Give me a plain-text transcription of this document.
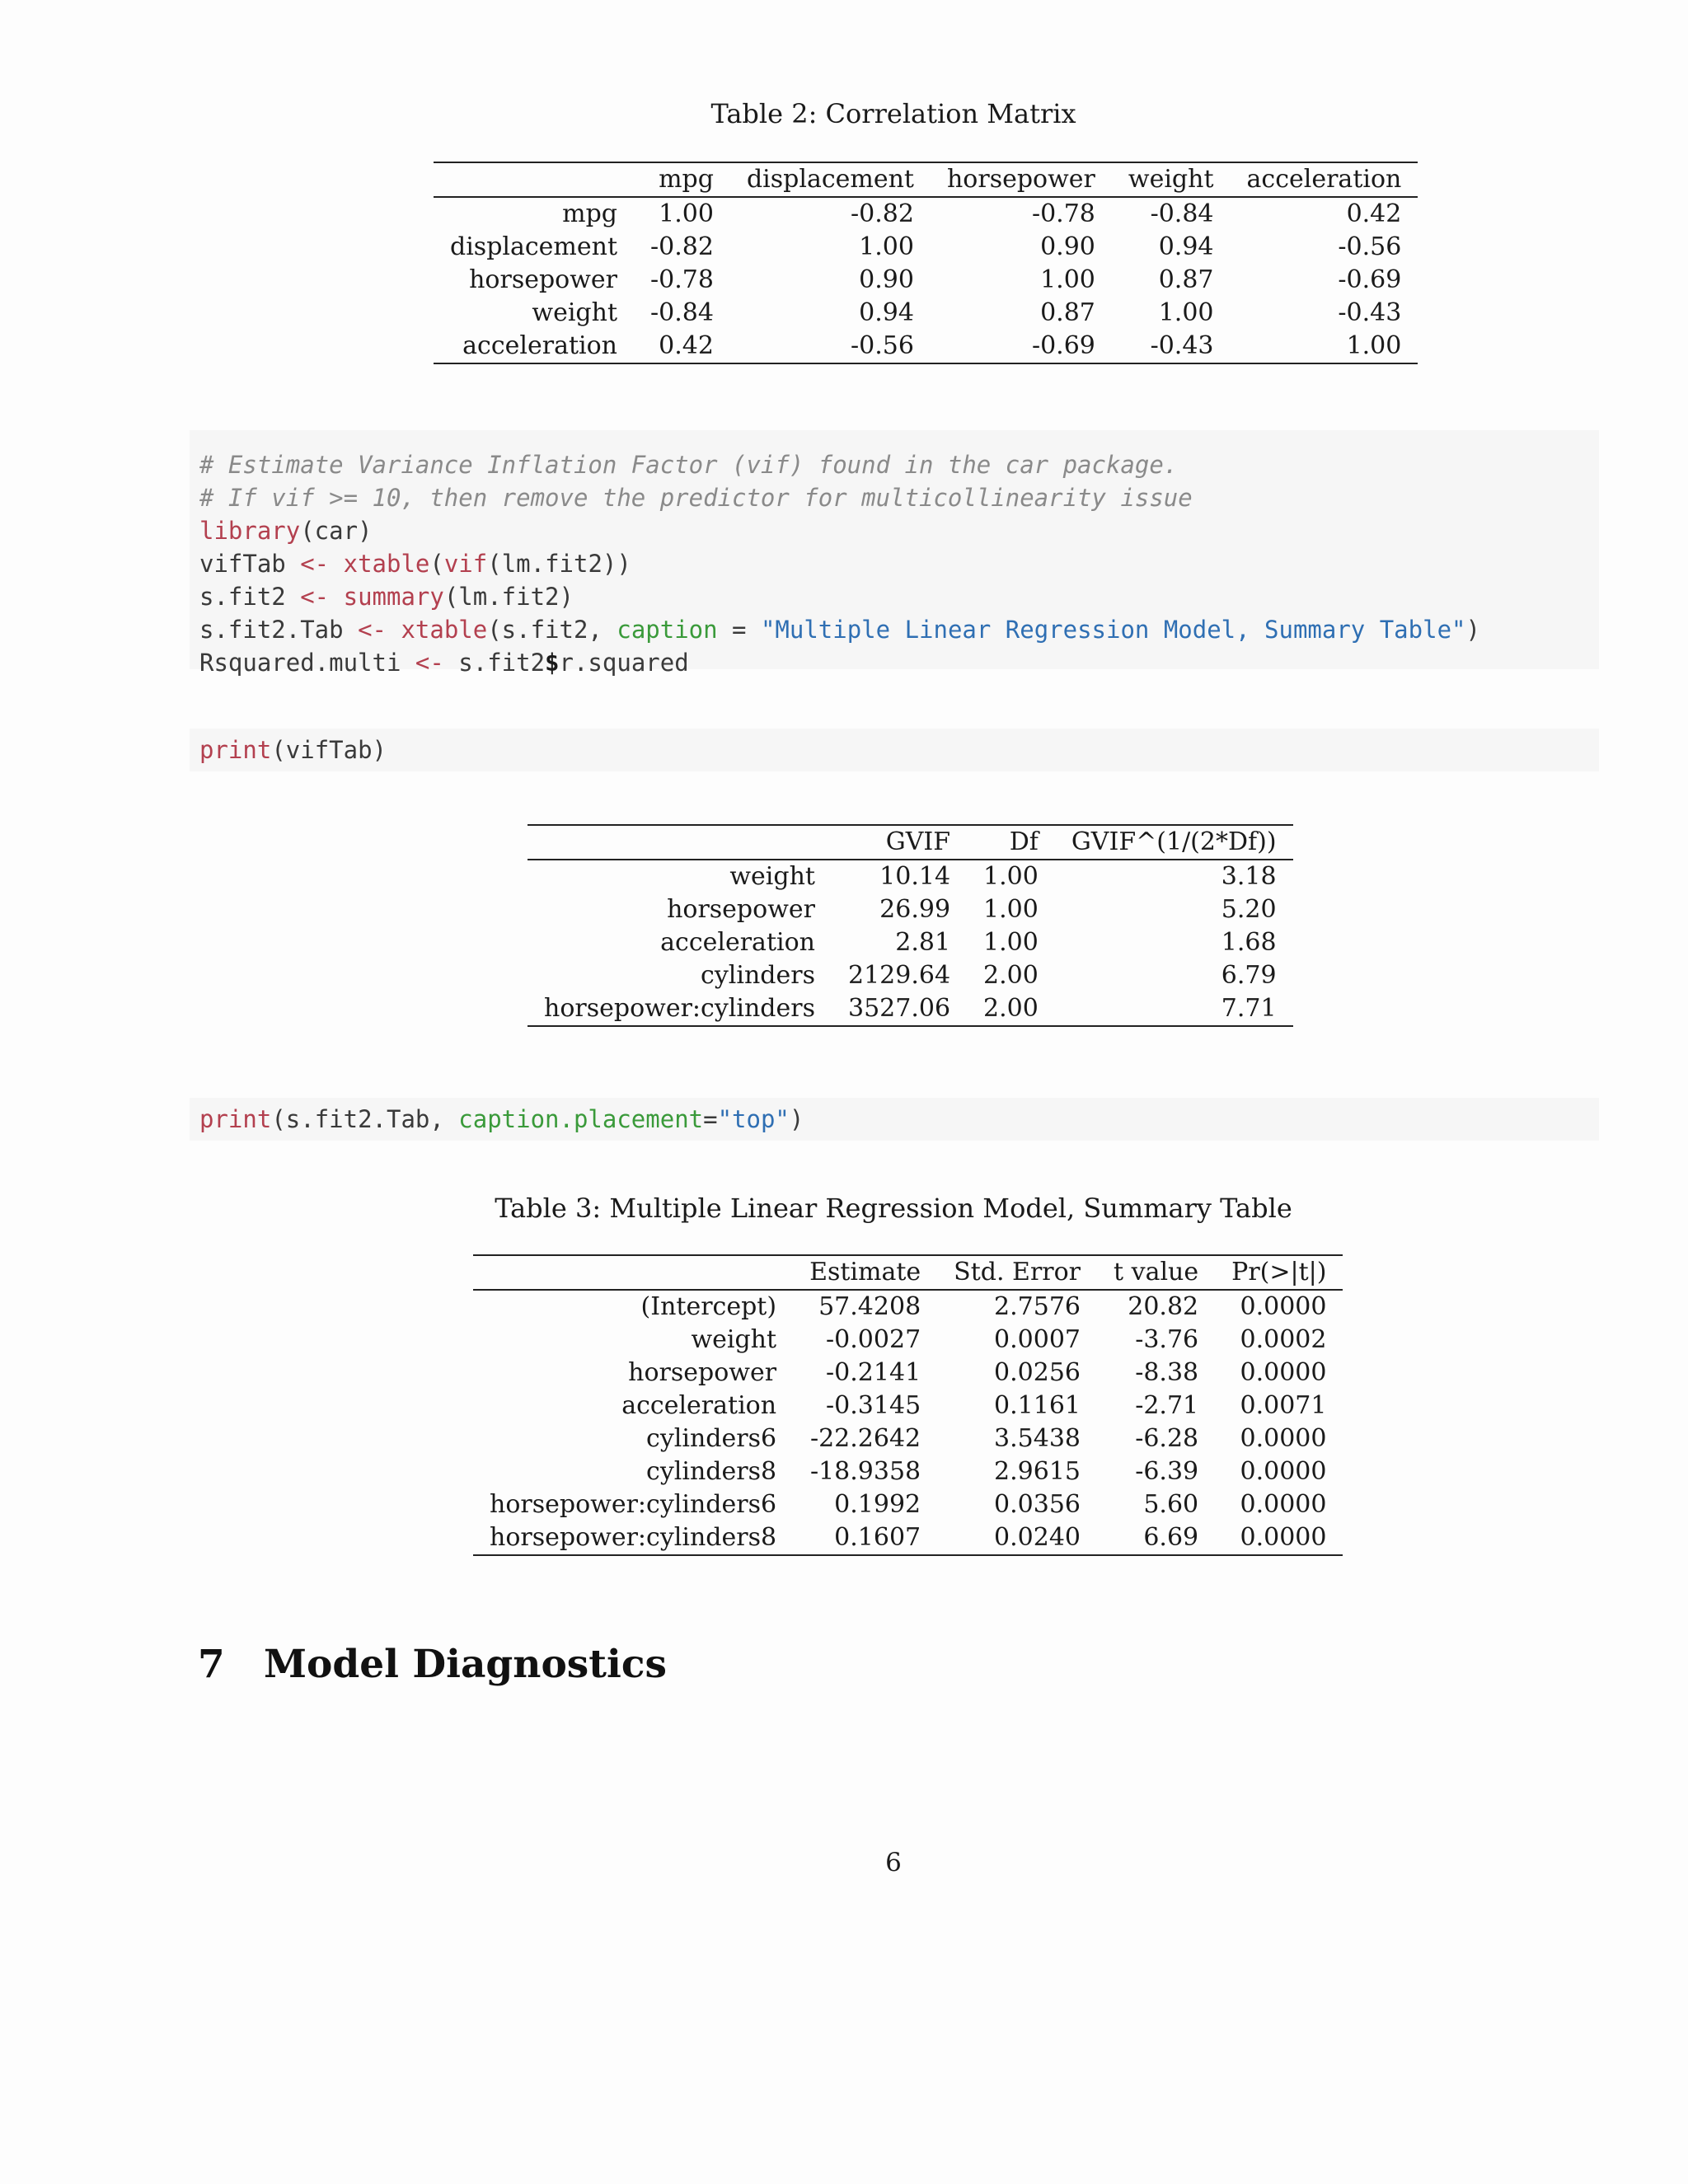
Table 2: Correlation Matrix
	mpg	displacement	horsepower	weight	acceleration
mpg	1.00	-0.82	-0.78	-0.84	0.42
displacement	-0.82	1.00	0.90	0.94	-0.56
horsepower	-0.78	0.90	1.00	0.87	-0.69
weight	-0.84	0.94	0.87	1.00	-0.43
acceleration	0.42	-0.56	-0.69	-0.43	1.00
# Estimate Variance Inflation Factor (vif) found in the car package.
# If vif >= 10, then remove the predictor for multicollinearity issue
library(car)
vifTab <- xtable(vif(lm.fit2))
s.fit2 <- summary(lm.fit2)
s.fit2.Tab <- xtable(s.fit2, caption = "Multiple Linear Regression Model, Summary Table")
Rsquared.multi <- s.fit2$r.squared
print(vifTab)
	GVIF	Df	GVIF^(1/(2*Df))
weight	10.14	1.00	3.18
horsepower	26.99	1.00	5.20
acceleration	2.81	1.00	1.68
cylinders	2129.64	2.00	6.79
horsepower:cylinders	3527.06	2.00	7.71
print(s.fit2.Tab, caption.placement="top")
Table 3: Multiple Linear Regression Model, Summary Table
	Estimate	Std. Error	t value	Pr(>|t|)
(Intercept)	57.4208	2.7576	20.82	0.0000
weight	-0.0027	0.0007	-3.76	0.0002
horsepower	-0.2141	0.0256	-8.38	0.0000
acceleration	-0.3145	0.1161	-2.71	0.0071
cylinders6	-22.2642	3.5438	-6.28	0.0000
cylinders8	-18.9358	2.9615	-6.39	0.0000
horsepower:cylinders6	0.1992	0.0356	5.60	0.0000
horsepower:cylinders8	0.1607	0.0240	6.69	0.0000
7 Model Diagnostics
6
